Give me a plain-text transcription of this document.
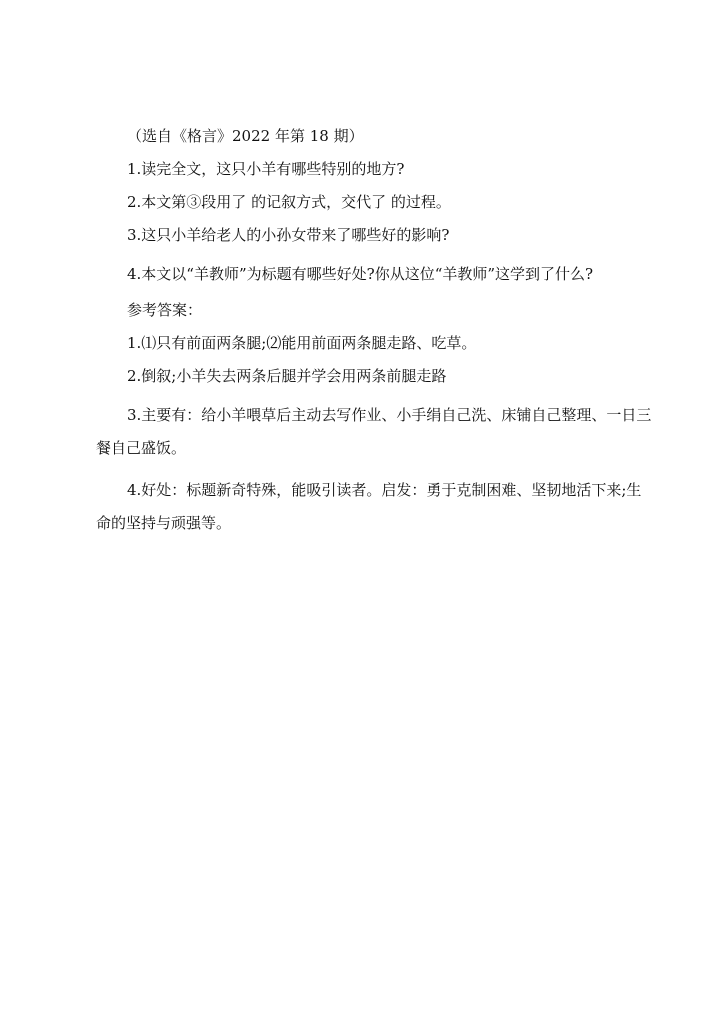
（选自《格言》2022 年第 18 期）

1.读完全文，这只小羊有哪些特别的地方?

2.本文第③段用了 的记叙方式，交代了 的过程。

3.这只小羊给老人的小孙女带来了哪些好的影响?

4.本文以“羊教师”为标题有哪些好处?你从这位“羊教师”这学到了什么?

参考答案：

1.⑴只有前面两条腿;⑵能用前面两条腿走路、吃草。

2.倒叙;小羊失去两条后腿并学会用两条前腿走路

3.主要有：给小羊喂草后主动去写作业、小手绢自己洗、床铺自己整理、一日三餐自己盛饭。

4.好处：标题新奇特殊，能吸引读者。启发：勇于克制困难、坚韧地活下来;生命的坚持与顽强等。
